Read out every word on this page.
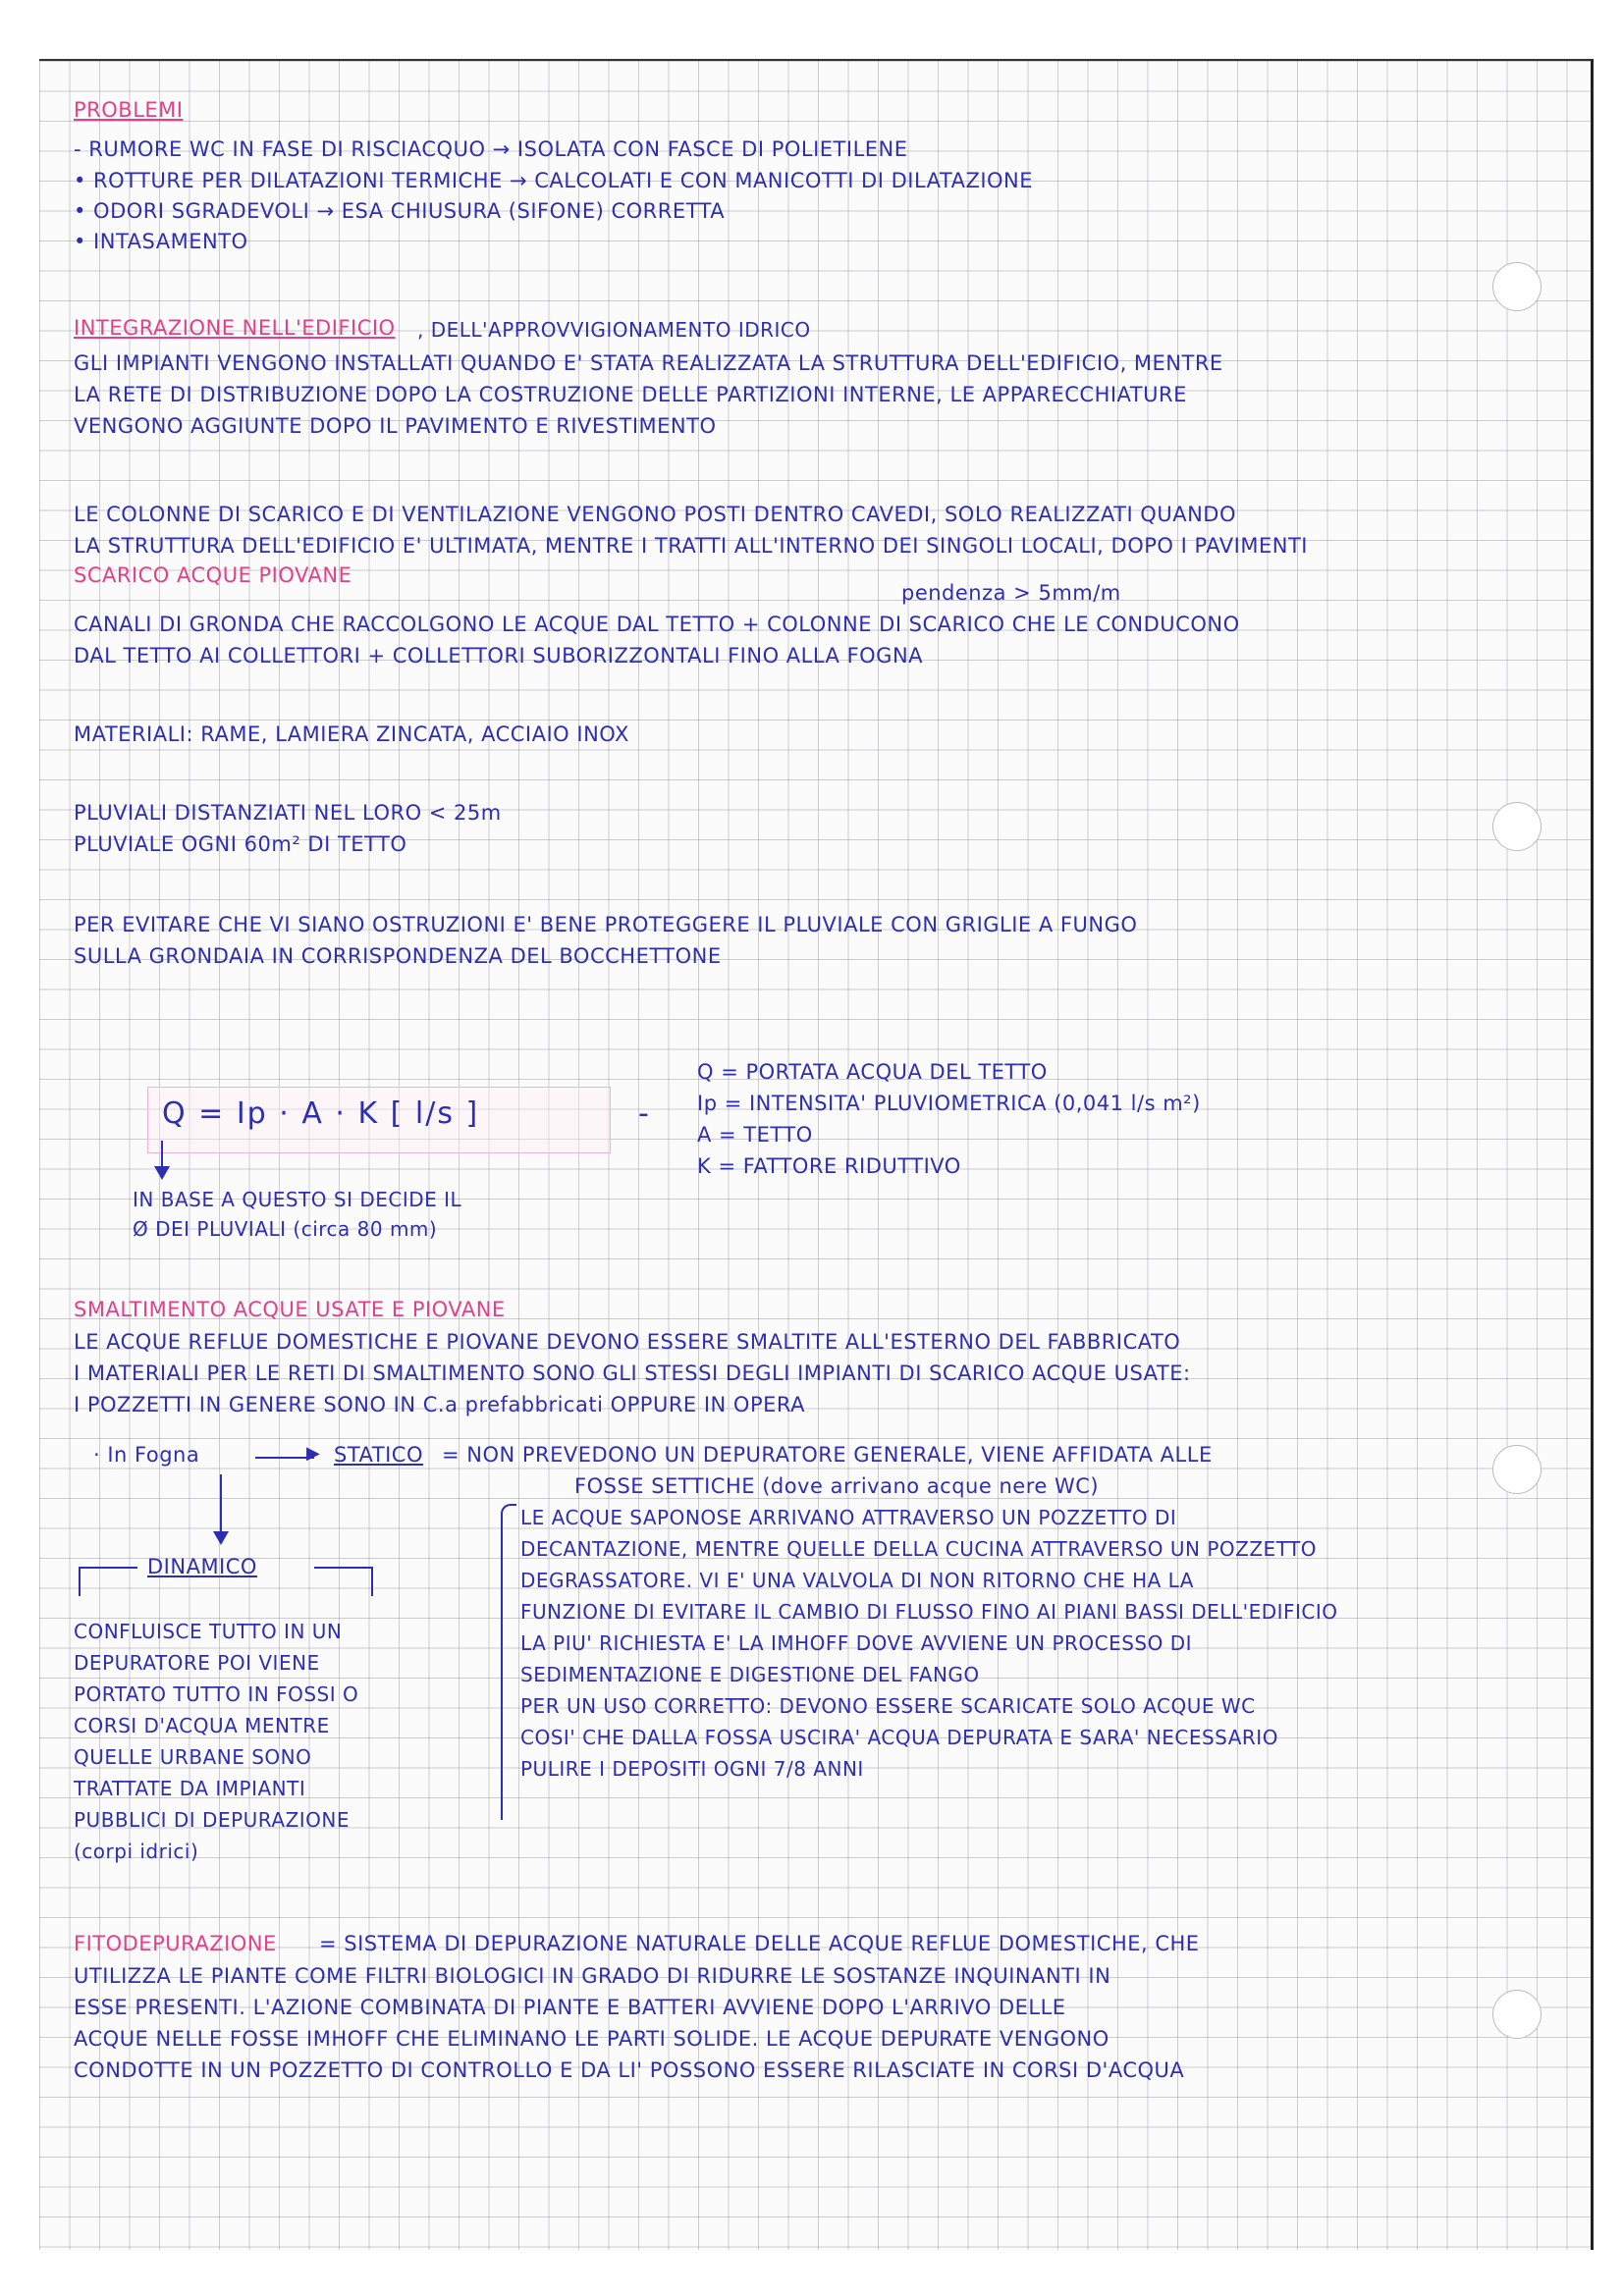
PROBLEMI
- RUMORE WC IN FASE DI RISCIACQUO → ISOLATA CON FASCE DI POLIETILENE
• ROTTURE PER DILATAZIONI TERMICHE → CALCOLATI E CON MANICOTTI DI DILATAZIONE
• ODORI SGRADEVOLI → ESA CHIUSURA (SIFONE) CORRETTA
• INTASAMENTO
INTEGRAZIONE NELL'EDIFICIO , DELL'APPROVVIGIONAMENTO IDRICO
GLI IMPIANTI VENGONO INSTALLATI QUANDO E' STATA REALIZZATA LA STRUTTURA DELL'EDIFICIO, MENTRE
LA RETE DI DISTRIBUZIONE DOPO LA COSTRUZIONE DELLE PARTIZIONI INTERNE, LE APPARECCHIATURE
VENGONO AGGIUNTE DOPO IL PAVIMENTO E RIVESTIMENTO
LE COLONNE DI SCARICO E DI VENTILAZIONE VENGONO POSTI DENTRO CAVEDI, SOLO REALIZZATI QUANDO
LA STRUTTURA DELL'EDIFICIO E' ULTIMATA, MENTRE I TRATTI ALL'INTERNO DEI SINGOLI LOCALI, DOPO I PAVIMENTI
SCARICO ACQUE PIOVANE
pendenza > 5mm/m
CANALI DI GRONDA CHE RACCOLGONO LE ACQUE DAL TETTO + COLONNE DI SCARICO CHE LE CONDUCONO
DAL TETTO AI COLLETTORI + COLLETTORI SUBORIZZONTALI FINO ALLA FOGNA
MATERIALI: RAME, LAMIERA ZINCATA, ACCIAIO INOX
PLUVIALI DISTANZIATI NEL LORO < 25m
PLUVIALE OGNI 60m² DI TETTO
PER EVITARE CHE VI SIANO OSTRUZIONI E' BENE PROTEGGERE IL PLUVIALE CON GRIGLIE A FUNGO
SULLA GRONDAIA IN CORRISPONDENZA DEL BOCCHETTONE
Q = Ip · A · K [ l/s ]	-
Q = PORTATA ACQUA DEL TETTO
Ip = INTENSITA' PLUVIOMETRICA (0,041 l/s m²)
A = TETTO
K = FATTORE RIDUTTIVO
IN BASE A QUESTO SI DECIDE IL
Ø DEI PLUVIALI (circa 80 mm)
SMALTIMENTO ACQUE USATE E PIOVANE
LE ACQUE REFLUE DOMESTICHE E PIOVANE DEVONO ESSERE SMALTITE ALL'ESTERNO DEL FABBRICATO
I MATERIALI PER LE RETI DI SMALTIMENTO SONO GLI STESSI DEGLI IMPIANTI DI SCARICO ACQUE USATE:
I POZZETTI IN GENERE SONO IN C.a prefabbricati OPPURE IN OPERA
· In Fogna	▶ STATICO = NON PREVEDONO UN DEPURATORE GENERALE, VIENE AFFIDATA ALLE
FOSSE SETTICHE (dove arrivano acque nere WC)
DINAMICO
CONFLUISCE TUTTO IN UN
DEPURATORE POI VIENE
PORTATO TUTTO IN FOSSI O
CORSI D'ACQUA MENTRE
QUELLE URBANE SONO
TRATTATE DA IMPIANTI
PUBBLICI DI DEPURAZIONE
(corpi idrici)
LE ACQUE SAPONOSE ARRIVANO ATTRAVERSO UN POZZETTO DI
DECANTAZIONE, MENTRE QUELLE DELLA CUCINA ATTRAVERSO UN POZZETTO
DEGRASSATORE. VI E' UNA VALVOLA DI NON RITORNO CHE HA LA
FUNZIONE DI EVITARE IL CAMBIO DI FLUSSO FINO AI PIANI BASSI DELL'EDIFICIO
LA PIU' RICHIESTA E' LA IMHOFF DOVE AVVIENE UN PROCESSO DI
SEDIMENTAZIONE E DIGESTIONE DEL FANGO
PER UN USO CORRETTO: DEVONO ESSERE SCARICATE SOLO ACQUE WC
COSI' CHE DALLA FOSSA USCIRA' ACQUA DEPURATA E SARA' NECESSARIO
PULIRE I DEPOSITI OGNI 7/8 ANNI
FITODEPURAZIONE = SISTEMA DI DEPURAZIONE NATURALE DELLE ACQUE REFLUE DOMESTICHE, CHE
UTILIZZA LE PIANTE COME FILTRI BIOLOGICI IN GRADO DI RIDURRE LE SOSTANZE INQUINANTI IN
ESSE PRESENTI. L'AZIONE COMBINATA DI PIANTE E BATTERI AVVIENE DOPO L'ARRIVO DELLE
ACQUE NELLE FOSSE IMHOFF CHE ELIMINANO LE PARTI SOLIDE. LE ACQUE DEPURATE VENGONO
CONDOTTE IN UN POZZETTO DI CONTROLLO E DA LI' POSSONO ESSERE RILASCIATE IN CORSI D'ACQUA
